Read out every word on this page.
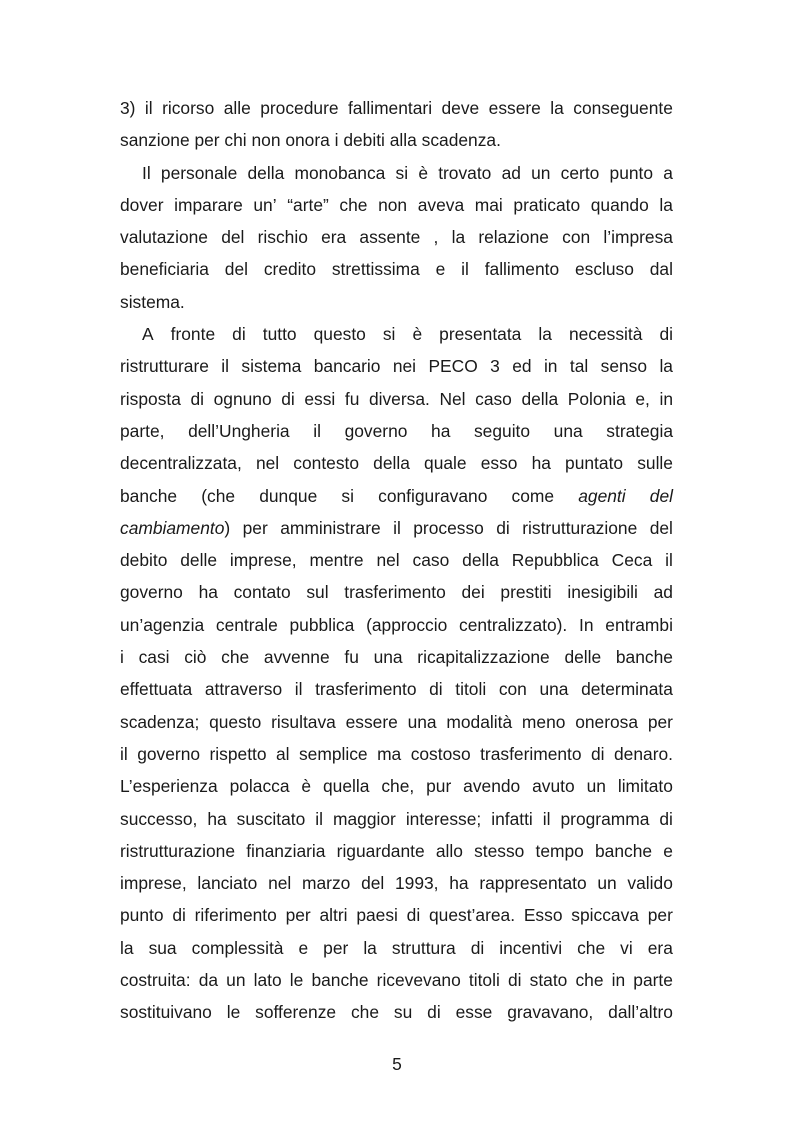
3) il ricorso alle procedure fallimentari deve essere la conseguente
sanzione per chi non onora i debiti alla scadenza.
Il personale della monobanca si è trovato ad un certo punto a
dover imparare un’ “arte” che non aveva mai praticato quando la
valutazione del rischio era assente , la relazione con l’impresa
beneficiaria del credito strettissima e il fallimento escluso dal
sistema.
A fronte di tutto questo si è presentata la necessità di
ristrutturare il sistema bancario nei PECO 3 ed in tal senso la
risposta di ognuno di essi fu diversa. Nel caso della Polonia e, in
parte, dell’Ungheria il governo ha seguito una strategia
decentralizzata, nel contesto della quale esso ha puntato sulle
banche (che dunque si configuravano come agenti del
cambiamento) per amministrare il processo di ristrutturazione del
debito delle imprese, mentre nel caso della Repubblica Ceca il
governo ha contato sul trasferimento dei prestiti inesigibili ad
un’agenzia centrale pubblica (approccio centralizzato). In entrambi
i casi ciò che avvenne fu una ricapitalizzazione delle banche
effettuata attraverso il trasferimento di titoli con una determinata
scadenza; questo risultava essere una modalità meno onerosa per
il governo rispetto al semplice ma costoso trasferimento di denaro.
L’esperienza polacca è quella che, pur avendo avuto un limitato
successo, ha suscitato il maggior interesse; infatti il programma di
ristrutturazione finanziaria riguardante allo stesso tempo banche e
imprese, lanciato nel marzo del 1993, ha rappresentato un valido
punto di riferimento per altri paesi di quest’area. Esso spiccava per
la sua complessità e per la struttura di incentivi che vi era
costruita: da un lato le banche ricevevano titoli di stato che in parte
sostituivano le sofferenze che su di esse gravavano, dall’altro
5
